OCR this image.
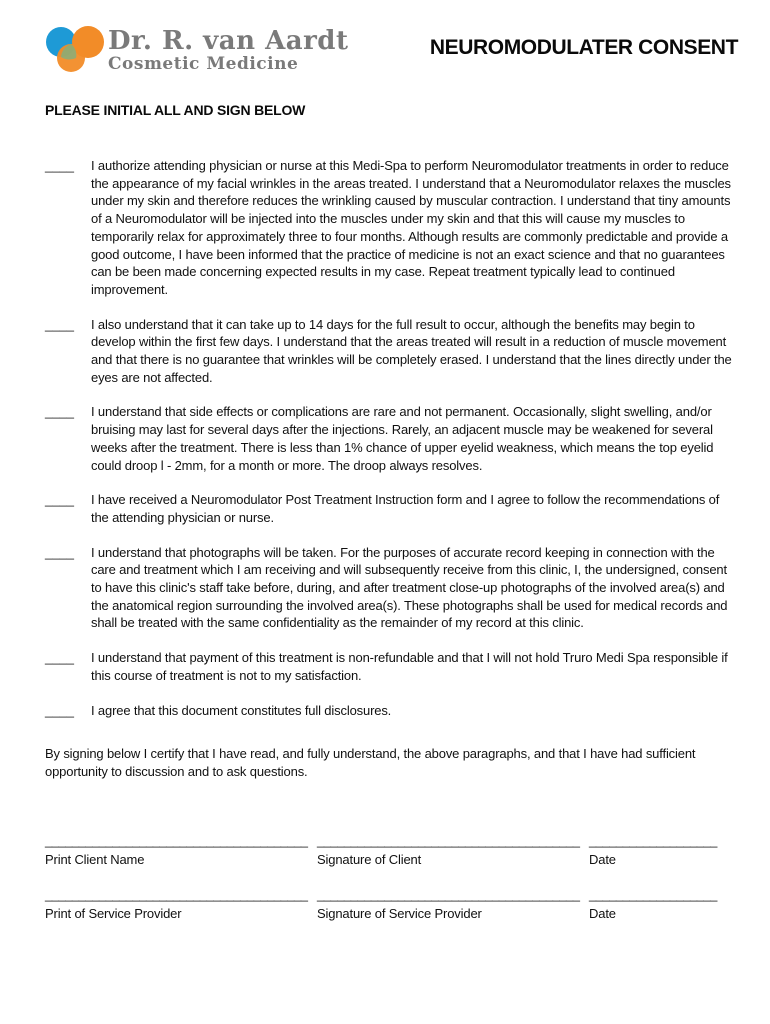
Dr. R. van Aardt
Cosmetic Medicine
NEUROMODULATER CONSENT
PLEASE INITIAL ALL AND SIGN BELOW
____	I authorize attending physician or nurse at this Medi-Spa to perform Neuromodulator treatments in order to reduce the appearance of my facial wrinkles in the areas treated. I understand that a Neuromodulator relaxes the muscles under my skin and therefore reduces the wrinkling caused by muscular contraction. I understand that tiny amounts of a Neuromodulator will be injected into the muscles under my skin and that this will cause my muscles to temporarily relax for approximately three to four months. Although results are commonly predictable and provide a good outcome, I have been informed that the practice of medicine is not an exact science and that no guarantees can be been made concerning expected results in my case. Repeat treatment typically lead to continued improvement.
____	I also understand that it can take up to 14 days for the full result to occur, although the benefits may begin to develop within the first few days. I understand that the areas treated will result in a reduction of muscle movement and that there is no guarantee that wrinkles will be completely erased. I understand that the lines directly under the eyes are not affected.
____	I understand that side effects or complications are rare and not permanent. Occasionally, slight swelling, and/or bruising may last for several days after the injections. Rarely, an adjacent muscle may be weakened for several weeks after the treatment. There is less than 1% chance of upper eyelid weakness, which means the top eyelid could droop l - 2mm, for a month or more. The droop always resolves.
____	I have received a Neuromodulator Post Treatment Instruction form and I agree to follow the recommendations of the attending physician or nurse.
____	I understand that photographs will be taken. For the purposes of accurate record keeping in connection with the care and treatment which I am receiving and will subsequently receive from this clinic, I, the undersigned, consent to have this clinic's staff take before, during, and after treatment close-up photographs of the involved area(s) and the anatomical region surrounding the involved area(s). These photographs shall be used for medical records and shall be treated with the same confidentiality as the remainder of my record at this clinic.
____	I understand that payment of this treatment is non-refundable and that I will not hold Truro Medi Spa responsible if this course of treatment is not to my satisfaction.
____	I agree that this document constitutes full disclosures.
By signing below I certify that I have read, and fully understand, the above paragraphs, and that I have had sufficient opportunity to discussion and to ask questions.
_______________________________________
Print Client Name
_______________________________________
Signature of Client
___________________
Date
_______________________________________
Print of Service Provider
_______________________________________
Signature of Service Provider
___________________
Date
